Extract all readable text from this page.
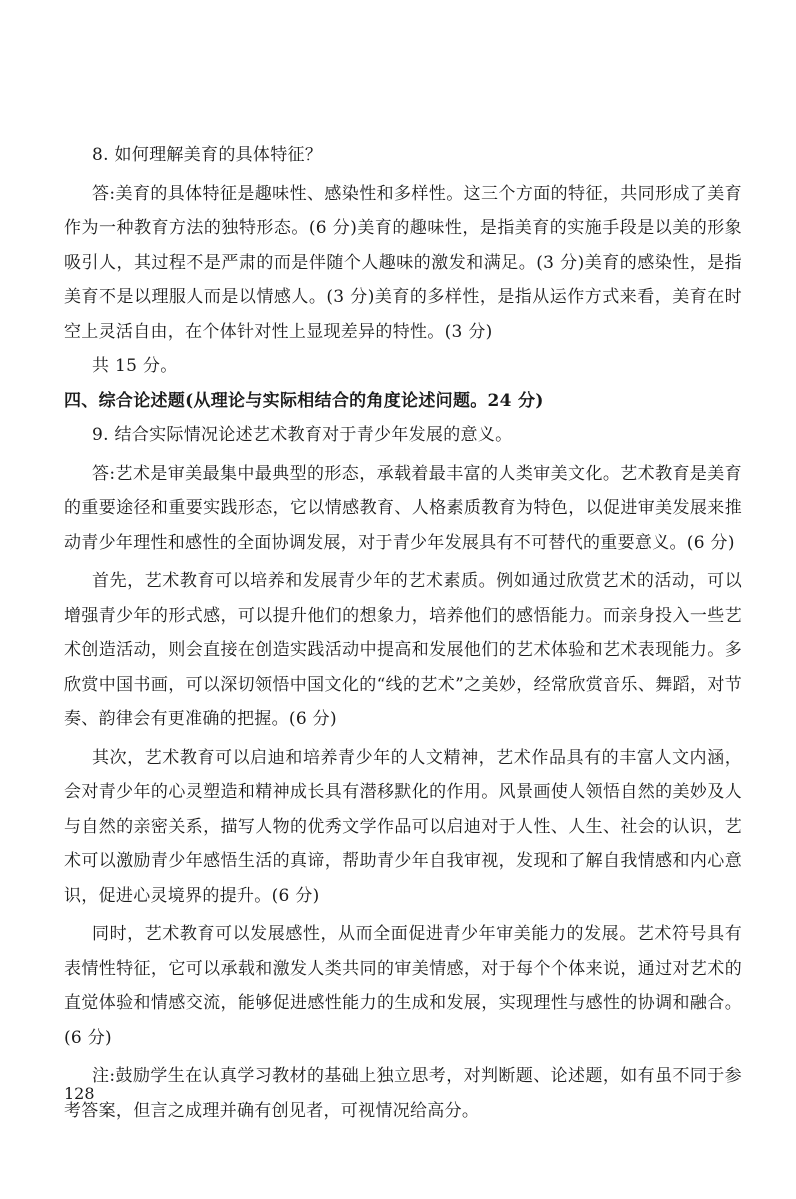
8. 如何理解美育的具体特征？

答:美育的具体特征是趣味性、感染性和多样性。这三个方面的特征，共同形成了美育作为一种教育方法的独特形态。(6 分)美育的趣味性，是指美育的实施手段是以美的形象吸引人，其过程不是严肃的而是伴随个人趣味的激发和满足。(3 分)美育的感染性，是指美育不是以理服人而是以情感人。(3 分)美育的多样性，是指从运作方式来看，美育在时空上灵活自由，在个体针对性上显现差异的特性。(3 分)

共 15 分。

四、综合论述题(从理论与实际相结合的角度论述问题。24 分)

9. 结合实际情况论述艺术教育对于青少年发展的意义。

答:艺术是审美最集中最典型的形态，承载着最丰富的人类审美文化。艺术教育是美育的重要途径和重要实践形态，它以情感教育、人格素质教育为特色，以促进审美发展来推动青少年理性和感性的全面协调发展，对于青少年发展具有不可替代的重要意义。(6 分)

首先，艺术教育可以培养和发展青少年的艺术素质。例如通过欣赏艺术的活动，可以增强青少年的形式感，可以提升他们的想象力，培养他们的感悟能力。而亲身投入一些艺术创造活动，则会直接在创造实践活动中提高和发展他们的艺术体验和艺术表现能力。多欣赏中国书画，可以深切领悟中国文化的“线的艺术”之美妙，经常欣赏音乐、舞蹈，对节奏、韵律会有更准确的把握。(6 分)

其次，艺术教育可以启迪和培养青少年的人文精神，艺术作品具有的丰富人文内涵，会对青少年的心灵塑造和精神成长具有潜移默化的作用。风景画使人领悟自然的美妙及人与自然的亲密关系，描写人物的优秀文学作品可以启迪对于人性、人生、社会的认识，艺术可以激励青少年感悟生活的真谛，帮助青少年自我审视，发现和了解自我情感和内心意识，促进心灵境界的提升。(6 分)

同时，艺术教育可以发展感性，从而全面促进青少年审美能力的发展。艺术符号具有表情性特征，它可以承载和激发人类共同的审美情感，对于每个个体来说，通过对艺术的直觉体验和情感交流，能够促进感性能力的生成和发展，实现理性与感性的协调和融合。(6 分)

注:鼓励学生在认真学习教材的基础上独立思考，对判断题、论述题，如有虽不同于参考答案，但言之成理并确有创见者，可视情况给高分。

128
